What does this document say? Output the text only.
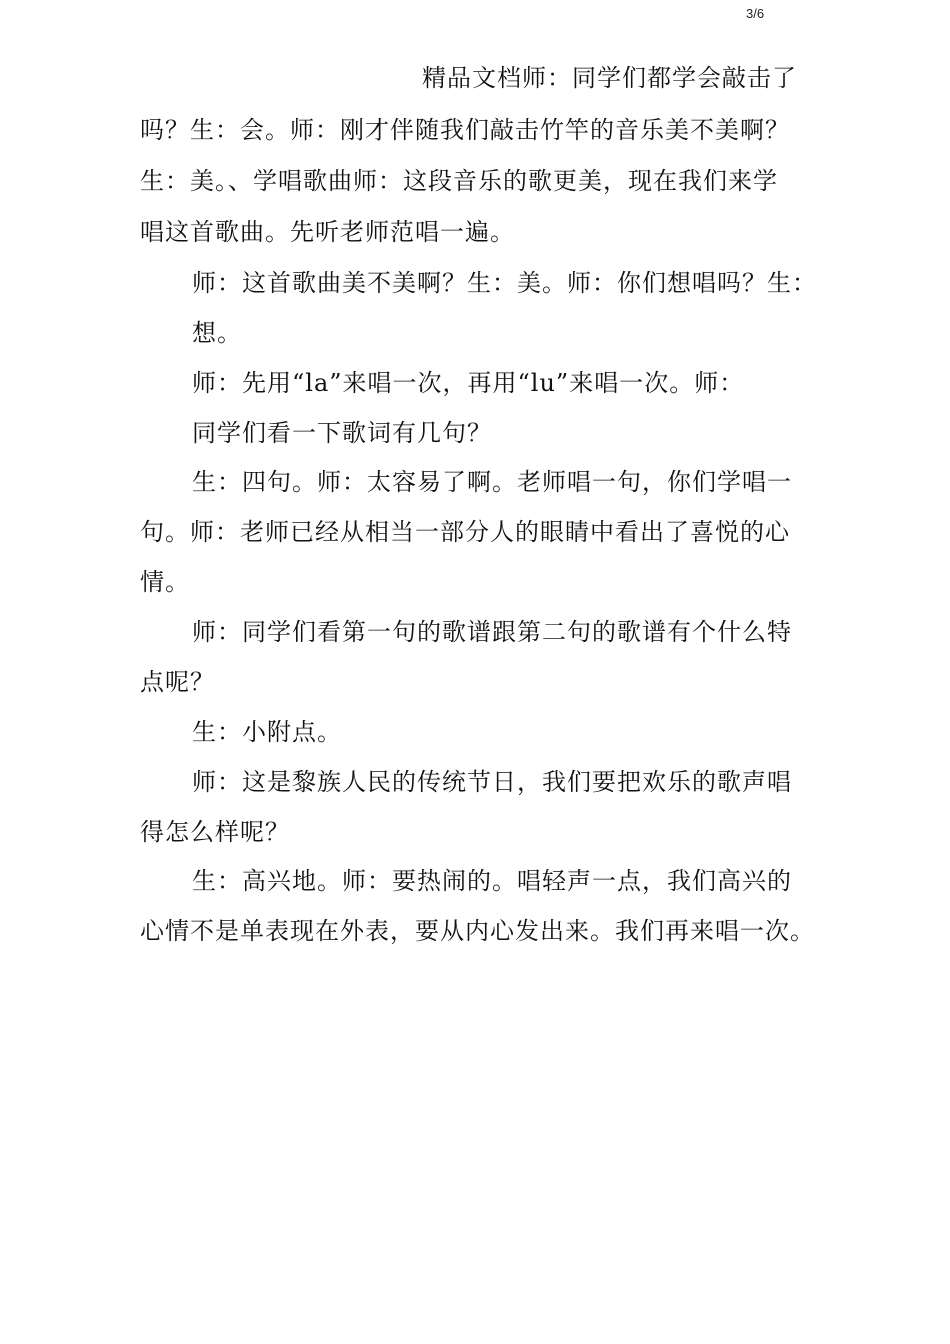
3/6
精品文档师：同学们都学会敲击了
吗？生：会。师：刚才伴随我们敲击竹竿的音乐美不美啊？
生：美。、学唱歌曲师：这段音乐的歌更美，现在我们来学
唱这首歌曲。先听老师范唱一遍。
师：这首歌曲美不美啊？生：美。师：你们想唱吗？生：
想。
师：先用“la”来唱一次，再用“lu”来唱一次。师：
同学们看一下歌词有几句？
生：四句。师：太容易了啊。老师唱一句，你们学唱一
句。师：老师已经从相当一部分人的眼睛中看出了喜悦的心
情。
师：同学们看第一句的歌谱跟第二句的歌谱有个什么特
点呢？
生：小附点。
师：这是黎族人民的传统节日，我们要把欢乐的歌声唱
得怎么样呢？
生：高兴地。师：要热闹的。唱轻声一点，我们高兴的
心情不是单表现在外表，要从内心发出来。我们再来唱一次。
